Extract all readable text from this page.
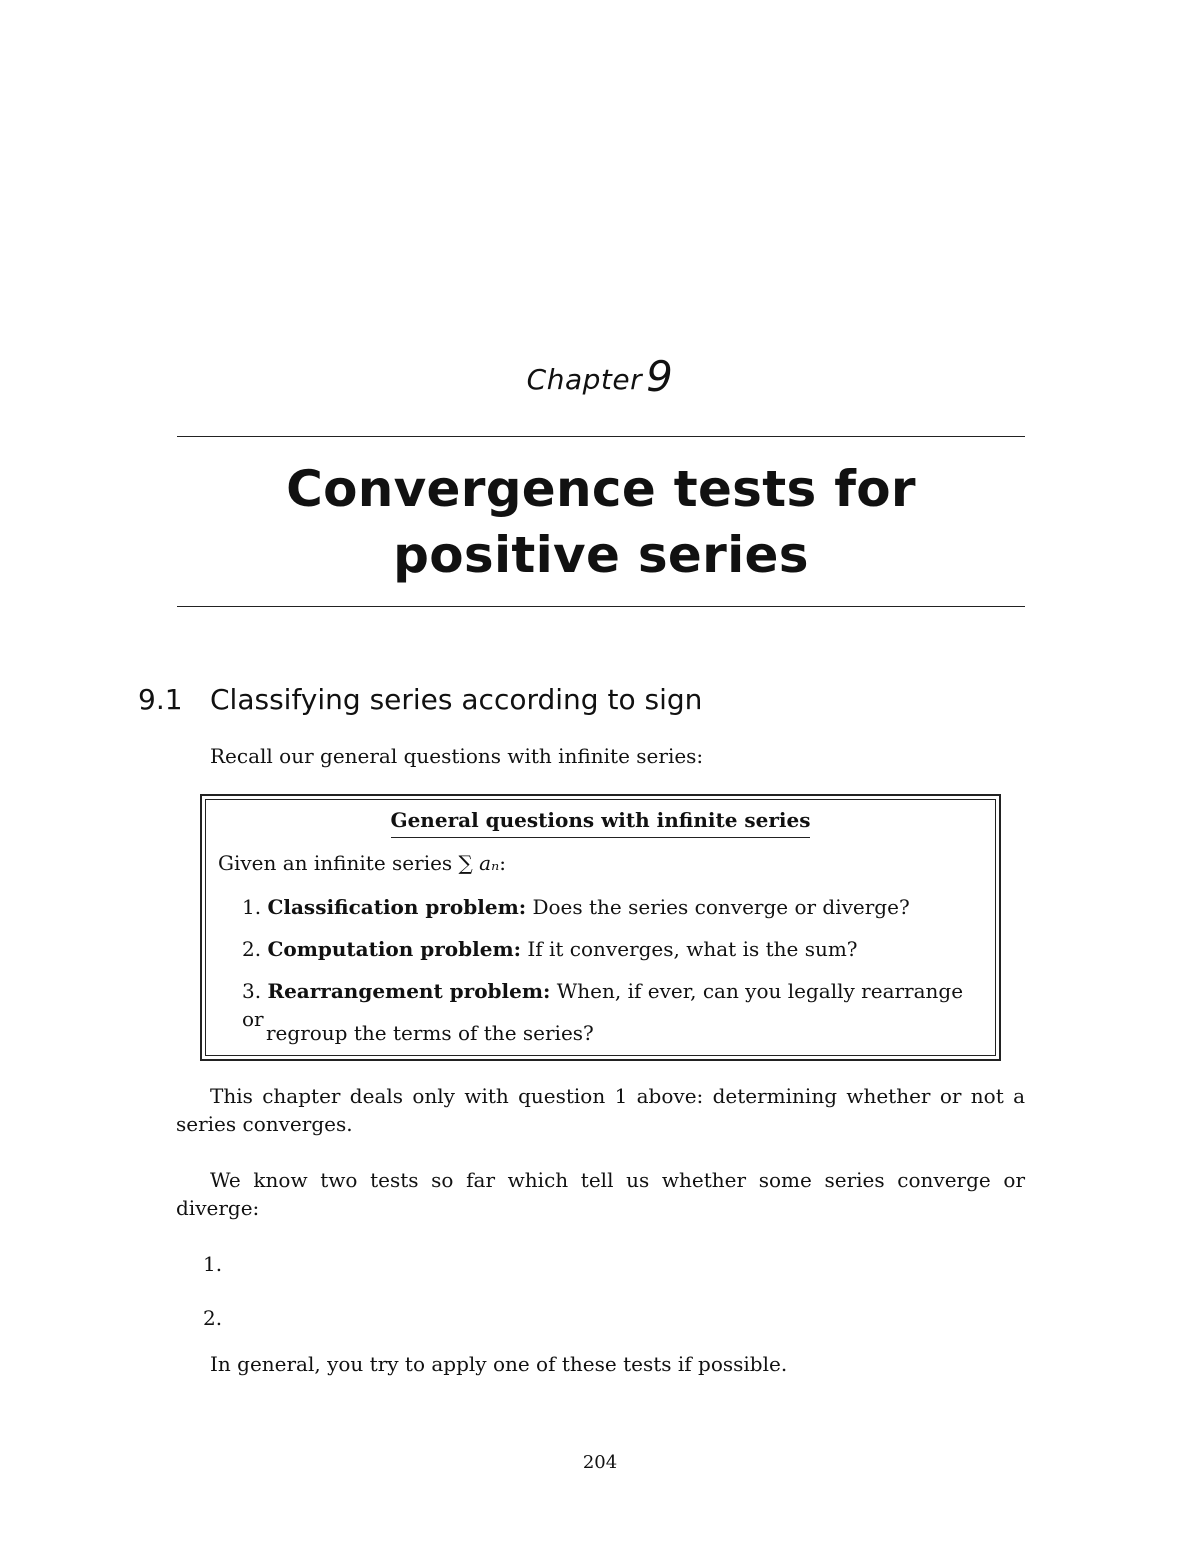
Chapter9
Convergence tests for positive series
9.1 Classifying series according to sign
Recall our general questions with infinite series:
General questions with infinite series
Given an infinite series ∑ aₙ:
1. Classification problem: Does the series converge or diverge?
2. Computation problem: If it converges, what is the sum?
3. Rearrangement problem: When, if ever, can you legally rearrange or
regroup the terms of the series?
This chapter deals only with question 1 above: determining whether or not a series converges.
We know two tests so far which tell us whether some series converge or diverge:
1.
2.
In general, you try to apply one of these tests if possible.
204
